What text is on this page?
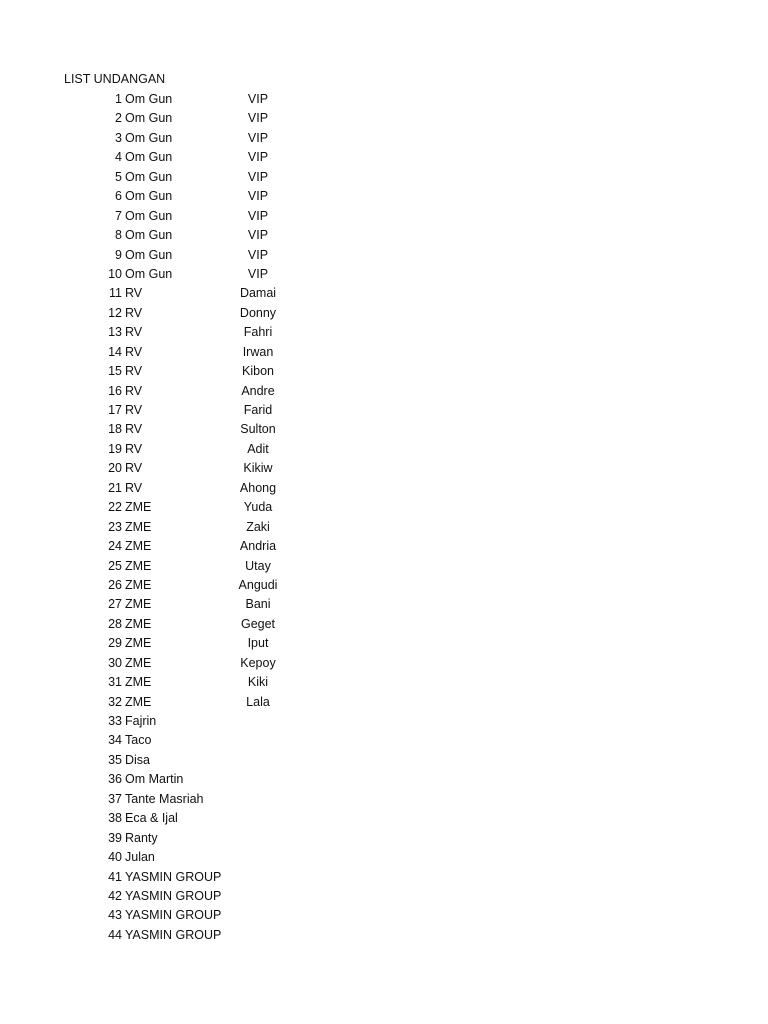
LIST UNDANGAN
1 Om Gun	VIP
2 Om Gun	VIP
3 Om Gun	VIP
4 Om Gun	VIP
5 Om Gun	VIP
6 Om Gun	VIP
7 Om Gun	VIP
8 Om Gun	VIP
9 Om Gun	VIP
10 Om Gun	VIP
11 RV	Damai
12 RV	Donny
13 RV	Fahri
14 RV	Irwan
15 RV	Kibon
16 RV	Andre
17 RV	Farid
18 RV	Sulton
19 RV	Adit
20 RV	Kikiw
21 RV	Ahong
22 ZME	Yuda
23 ZME	Zaki
24 ZME	Andria
25 ZME	Utay
26 ZME	Angudi
27 ZME	Bani
28 ZME	Geget
29 ZME	Iput
30 ZME	Kepoy
31 ZME	Kiki
32 ZME	Lala
33 Fajrin
34 Taco
35 Disa
36 Om Martin
37 Tante Masriah
38 Eca & Ijal
39 Ranty
40 Julan
41 YASMIN GROUP
42 YASMIN GROUP
43 YASMIN GROUP
44 YASMIN GROUP
